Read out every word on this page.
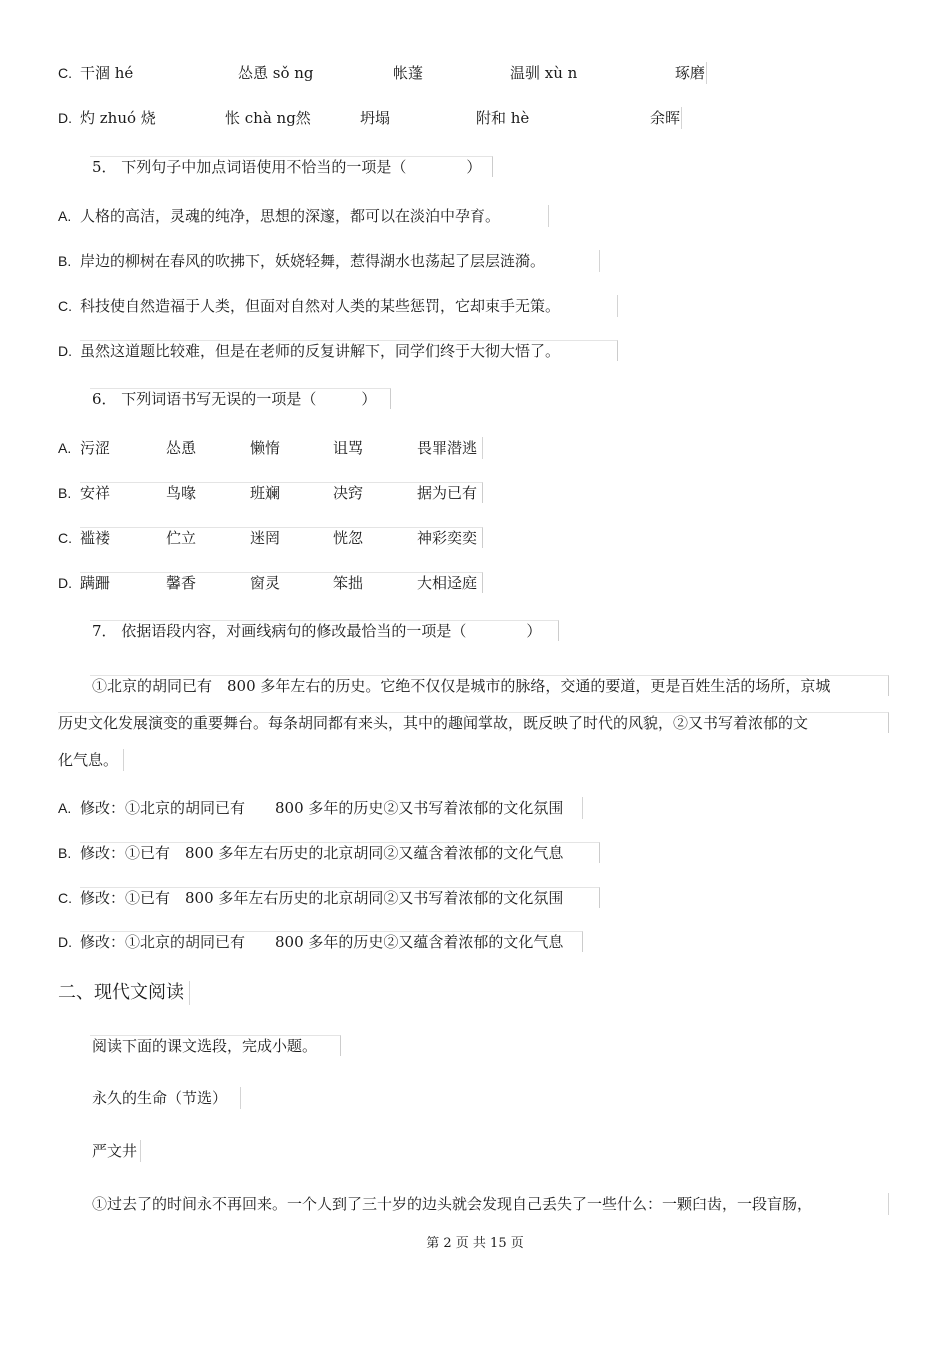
C. 干涸 hé	怂恿 sǒ ng	帐蓬	温驯 xù n	琢磨
D. 灼 zhuó 烧	怅 chà ng然	坍塌	附和 hè	余晖
5． 下列句子中加点词语使用不恰当的一项是（　　　　）
A. 人格的高洁，灵魂的纯净，思想的深邃，都可以在淡泊中孕育。
B. 岸边的柳树在春风的吹拂下，妖娆轻舞，惹得湖水也荡起了层层涟漪。
C. 科技使自然造福于人类，但面对自然对人类的某些惩罚，它却束手无策。
D. 虽然这道题比较难，但是在老师的反复讲解下，同学们终于大彻大悟了。
6． 下列词语书写无误的一项是（　　　）
A. 污涩	怂恿	懒惰	诅骂	畏罪潜逃
B. 安祥	鸟喙	班斓	决窍	据为已有
C. 褴褛	伫立	迷罔	恍忽	神彩奕奕
D. 蹒跚	馨香	窗灵	笨拙	大相迳庭
7． 依据语段内容，对画线病句的修改最恰当的一项是（　　　　）
①北京的胡同已有　800 多年左右的历史。它绝不仅仅是城市的脉络，交通的要道，更是百姓生活的场所，京城
历史文化发展演变的重要舞台。每条胡同都有来头，其中的趣闻掌故，既反映了时代的风貌，②又书写着浓郁的文
化气息。
A. 修改：①北京的胡同已有　　800 多年的历史②又书写着浓郁的文化氛围
B. 修改：①已有　800 多年左右历史的北京胡同②又蕴含着浓郁的文化气息
C. 修改：①已有　800 多年左右历史的北京胡同②又书写着浓郁的文化氛围
D. 修改：①北京的胡同已有　　800 多年的历史②又蕴含着浓郁的文化气息
二、现代文阅读
阅读下面的课文选段，完成小题。
永久的生命（节选）
严文井
①过去了的时间永不再回来。一个人到了三十岁的边头就会发现自己丢失了一些什么：一颗臼齿，一段盲肠，
第 2 页 共 15 页
